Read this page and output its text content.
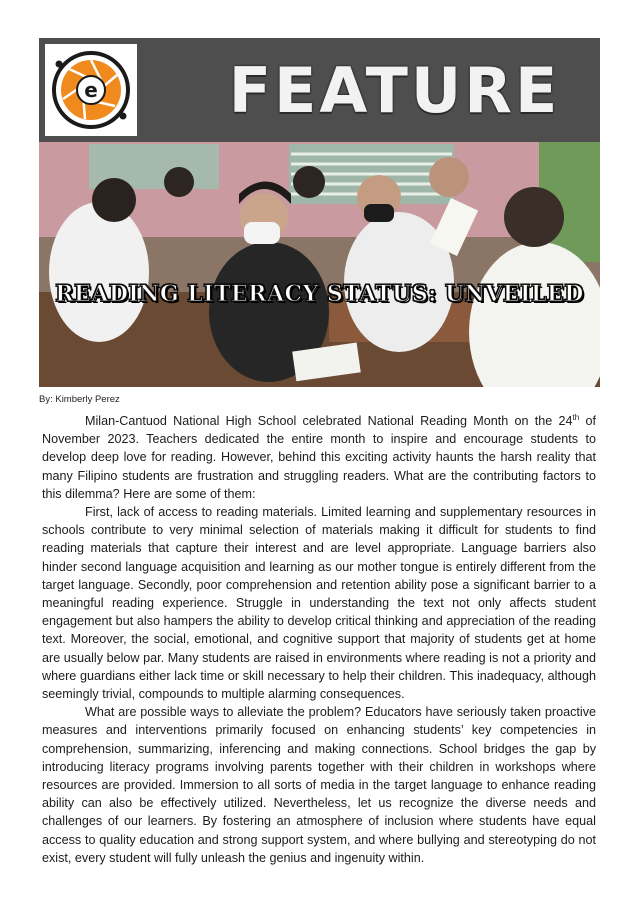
e	FEATURE
READING LITERACY STATUS: UNVEILED
By: Kimberly Perez

Milan-Cantuod National High School celebrated National Reading Month on the 24th of November 2023. Teachers dedicated the entire month to inspire and encourage students to develop deep love for reading. However, behind this exciting activity haunts the harsh reality that many Filipino students are frustration and struggling readers. What are the contributing factors to this dilemma? Here are some of them:

First, lack of access to reading materials. Limited learning and supplementary resources in schools contribute to very minimal selection of materials making it difficult for students to find reading materials that capture their interest and are level appropriate. Language barriers also hinder second language acquisition and learning as our mother tongue is entirely different from the target language. Secondly, poor comprehension and retention ability pose a significant barrier to a meaningful reading experience. Struggle in understanding the text not only affects student engagement but also hampers the ability to develop critical thinking and appreciation of the reading text. Moreover, the social, emotional, and cognitive support that majority of students get at home are usually below par. Many students are raised in environments where reading is not a priority and where guardians either lack time or skill necessary to help their children. This inadequacy, although seemingly trivial, compounds to multiple alarming consequences.

What are possible ways to alleviate the problem? Educators have seriously taken proactive measures and interventions primarily focused on enhancing students’ key competencies in comprehension, summarizing, inferencing and making connections. School bridges the gap by introducing literacy programs involving parents together with their children in workshops where resources are provided. Immersion to all sorts of media in the target language to enhance reading ability can also be effectively utilized. Nevertheless, let us recognize the diverse needs and challenges of our learners. By fostering an atmosphere of inclusion where students have equal access to quality education and strong support system, and where bullying and stereotyping do not exist, every student will fully unleash the genius and ingenuity within.
